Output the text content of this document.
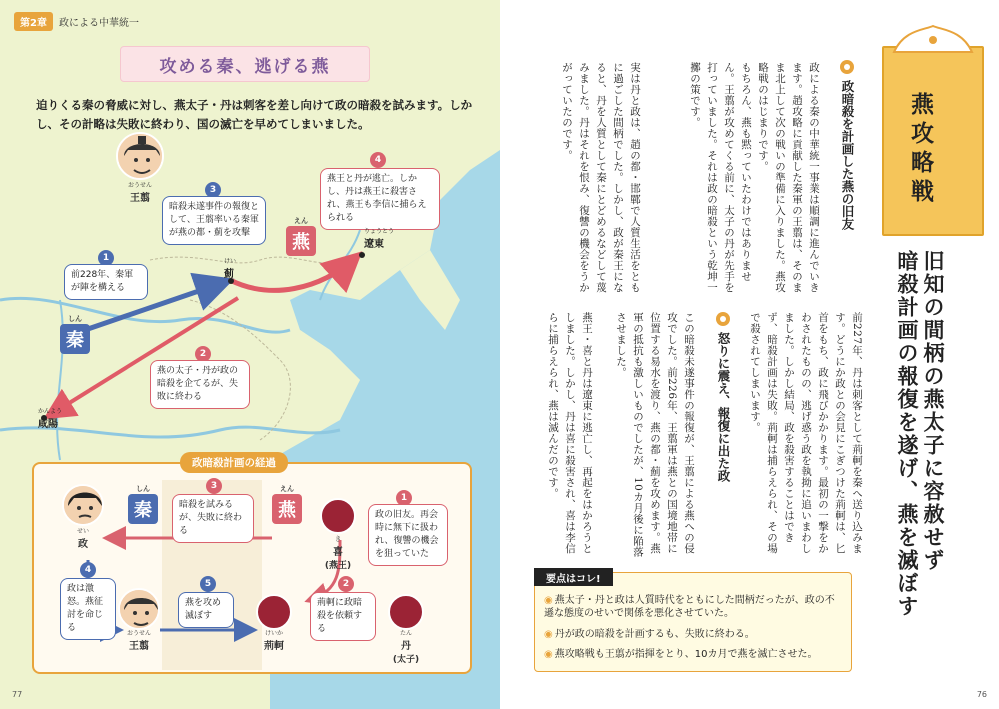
第2章	政による中華統一
攻める秦、逃げる燕
迫りくる秦の脅威に対し、燕太子・丹は刺客を差し向けて政の暗殺を試みます。しかし、その計略は失敗に終わり、国の滅亡を早めてしまいました。
おうせん
王翦
1
前228年、秦軍が陣を構える
3
暗殺未遂事件の報復として、王翦率いる秦軍が燕の都・薊を攻撃
4
燕王と丹が逃亡。しかし、丹は燕王に殺害され、燕王も李信に捕らえられる
2
燕の太子・丹が政の暗殺を企てるが、失敗に終わる
しん
秦
えん
燕
けい
薊
りょうとう
遼東
かんよう
咸陽
政暗殺計画の経過
しん
秦
えん
燕
せい
政	き
喜
(燕王)
たん
丹
(太子)
けいか
荊軻
おうせん
王翦
1
政の旧友。再会時に無下に扱われ、復讐の機会を狙っていた
2
荊軻に政暗殺を依頼する
3
暗殺を試みるが、失敗に終わる
4
政は激怒。燕征討を命じる
5
燕を攻め滅ぼす
77
燕攻略戦
旧知の間柄の燕太子に容赦せず
暗殺計画の報復を遂げ、燕を滅ぼす
政暗殺を計画した燕の旧友
政による秦の中華統一事業は順調に進んでいきます。趙攻略に貢献した秦軍の王翦は、そのまま北上して次の戦いの準備に入りました。燕攻略戦のはじまりです。
もちろん、燕も黙っていたわけではありません。王翦が攻めてくる前に、太子の丹が先手を打っていました。それは政の暗殺という乾坤一擲の策です。
実は丹と政は、趙の都・邯鄲で人質生活をともに過ごした間柄でした。しかし、政が秦王になると、丹を人質として秦にとどめるなどして蔑みました。丹はそれを恨み、復讐の機会をうかがっていたのです。
前227年、丹は刺客として荊軻を秦へ送り込みます。どうにか政との会見にこぎつけた荊軻は、匕首をもち、政に飛びかかります。最初の一撃をかわされたものの、逃げ惑う政を執拗に追いまわしました。しかし結局、政を殺害することはできず、暗殺計画は失敗。荊軻は捕らえられ、その場で殺されてしまいます。
怒りに震え、報復に出た政
この暗殺未遂事件の報復が、王翦による燕への侵攻でした。前226年、王翦軍は燕との国境地帯に位置する易水を渡り、燕の都・薊を攻めます。燕軍の抵抗も激しいものでしたが、10カ月後に陥落させました。
燕王・喜と丹は遼東に逃亡し、再起をはかろうとしました。しかし、丹は喜に殺害され、喜は李信らに捕らえられ、燕は滅んだのです。
要点はコレ!
◉ 燕太子・丹と政は人質時代をともにした間柄だったが、政の不遜な態度のせいで関係を悪化させていた。
◉ 丹が政の暗殺を計画するも、失敗に終わる。
◉ 燕攻略戦も王翦が指揮をとり、10カ月で燕を滅亡させた。
76
